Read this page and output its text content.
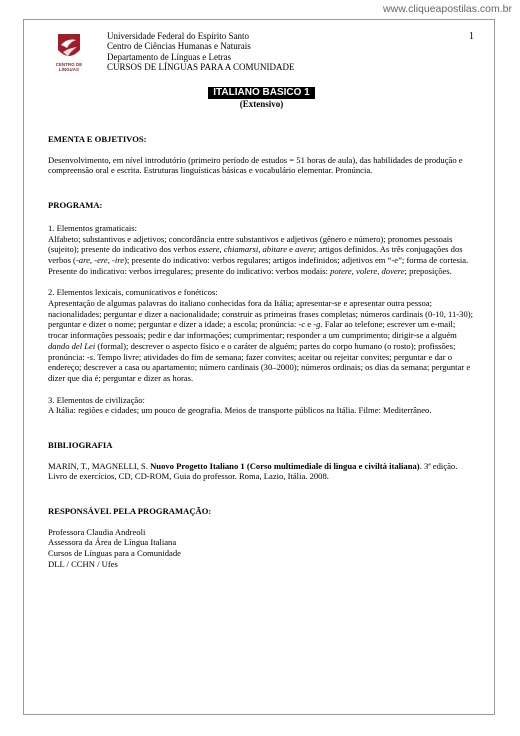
www.cliqueapostilas.com.br
1
CENTRO DE
LÍNGUAS
Universidade Federal do Espírito Santo
Centro de Ciências Humanas e Naturais
Departamento de Línguas e Letras
CURSOS DE LÍNGUAS PARA A COMUNIDADE
ITALIANO BÁSICO 1
(Extensivo)
EMENTA E OBJETIVOS:

Desenvolvimento, em nível introdutório (primeiro período de estudos = 51 horas de aula), das habilidades de produção e compreensão oral e escrita. Estruturas linguísticas básicas e vocabulário elementar. Pronúncia.

PROGRAMA:
1. Elementos gramaticais:

Alfabeto; substantivos e adjetivos; concordância entre substantivos e adjetivos (gênero e número); pronomes pessoais (sujeito); presente do indicativo dos verbos essere, chiamarsi, abitare e avere; artigos definidos. As três conjugações dos verbos (-are, -ere, -ire); presente do indicativo: verbos regulares; artigos indefinidos; adjetivos em “-e”; forma de cortesia. Presente do indicativo: verbos irregulares; presente do indicativo: verbos modais: potere, volere, dovere; preposições.

2. Elementos lexicais, comunicativos e fonéticos:

Apresentação de algumas palavras do italiano conhecidas fora da Itália; apresentar-se e apresentar outra pessoa; nacionalidades; perguntar e dizer a nacionalidade; construir as primeiras frases completas; números cardinais (0-10, 11-30); perguntar e dizer o nome; perguntar e dizer a idade; a escola; pronúncia: -c e -g. Falar ao telefone; escrever um e-mail; trocar informações pessoais; pedir e dar informações; cumprimentar; responder a um cumprimento; dirigir-se a alguém dando del Lei (formal); descrever o aspecto físico e o caráter de alguém; partes do corpo humano (o rosto); profissões; pronúncia: -s. Tempo livre; atividades do fim de semana; fazer convites; aceitar ou rejeitar convites; perguntar e dar o endereço; descrever a casa ou apartamento; número cardinais (30–2000); números ordinais; os dias da semana; perguntar e dizer que dia é; perguntar e dizer as horas.

3. Elementos de civilização:

A Itália: regiões e cidades; um pouco de geografia. Meios de transporte públicos na Itália. Filme: Mediterrâneo.

BIBLIOGRAFIA

MARIN, T., MAGNELLI, S. Nuovo Progetto Italiano 1 (Corso multimediale di lingua e civiltà italiana). 3ª edição. Livro de exercícios, CD, CD-ROM, Guia do professor. Roma, Lazio, Itália. 2008.

RESPONSÁVEL PELA PROGRAMAÇÃO:
Professora Claudia Andreoli
Assessora da Área de Língua Italiana
Cursos de Línguas para a Comunidade
DLL / CCHN / Ufes
